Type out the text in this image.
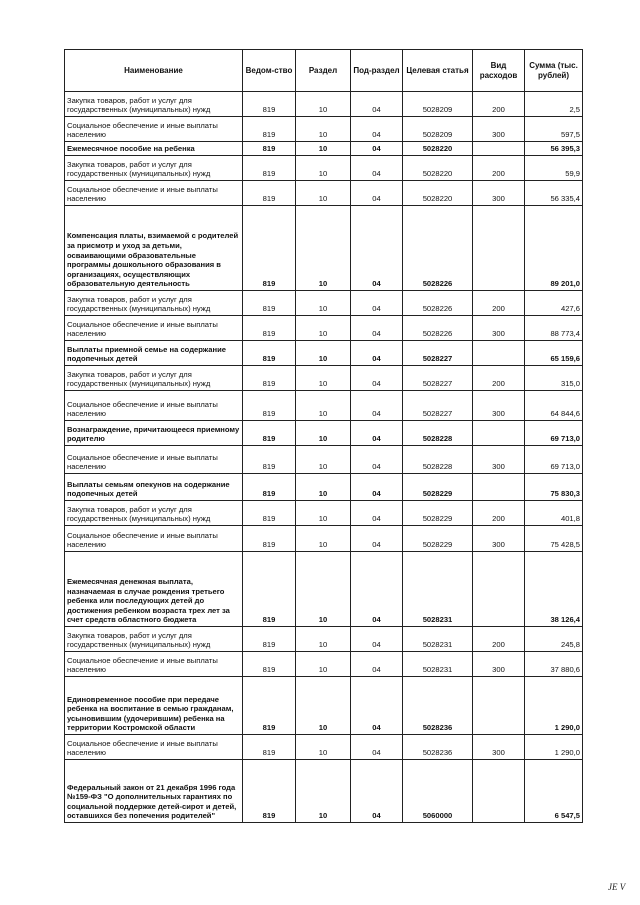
Наименование	Ведом-ство	Раздел	Под-раздел	Целевая статья	Вид расходов	Сумма (тыс. рублей)
Закупка товаров, работ и услуг для государственных (муниципальных) нужд	819	10	04	5028209	200	2,5
Социальное обеспечение и иные выплаты населению	819	10	04	5028209	300	597,5
Ежемесячное пособие на ребенка	819	10	04	5028220		56 395,3
Закупка товаров, работ и услуг для государственных (муниципальных) нужд	819	10	04	5028220	200	59,9
Социальное обеспечение и иные выплаты населению	819	10	04	5028220	300	56 335,4
Компенсация платы, взимаемой с родителей за присмотр и уход за детьми, осваивающими образовательные программы дошкольного образования в организациях, осуществляющих образовательную деятельность	819	10	04	5028226		89 201,0
Закупка товаров, работ и услуг для государственных (муниципальных) нужд	819	10	04	5028226	200	427,6
Социальное обеспечение и иные выплаты населению	819	10	04	5028226	300	88 773,4
Выплаты приемной семье на содержание подопечных детей	819	10	04	5028227		65 159,6
Закупка товаров, работ и услуг для государственных (муниципальных) нужд	819	10	04	5028227	200	315,0
Социальное обеспечение и иные выплаты населению	819	10	04	5028227	300	64 844,6
Вознаграждение, причитающееся приемному родителю	819	10	04	5028228		69 713,0
Социальное обеспечение и иные выплаты населению	819	10	04	5028228	300	69 713,0
Выплаты семьям опекунов на содержание подопечных детей	819	10	04	5028229		75 830,3
Закупка товаров, работ и услуг для государственных (муниципальных) нужд	819	10	04	5028229	200	401,8
Социальное обеспечение и иные выплаты населению	819	10	04	5028229	300	75 428,5
Ежемесячная денежная выплата, назначаемая в случае рождения третьего ребенка или последующих детей до достижения ребенком возраста трех лет за счет средств областного бюджета	819	10	04	5028231		38 126,4
Закупка товаров, работ и услуг для государственных (муниципальных) нужд	819	10	04	5028231	200	245,8
Социальное обеспечение и иные выплаты населению	819	10	04	5028231	300	37 880,6
Единовременное пособие при передаче ребенка на воспитание в семью гражданам, усыновившим (удочерившим) ребенка на территории Костромской области	819	10	04	5028236		1 290,0
Социальное обеспечение и иные выплаты населению	819	10	04	5028236	300	1 290,0
Федеральный закон от 21 декабря 1996 года №159-ФЗ "О дополнительных гарантиях по социальной поддержке детей-сирот и детей, оставшихся без попечения родителей"	819	10	04	5060000		6 547,5
ЈЕ V
